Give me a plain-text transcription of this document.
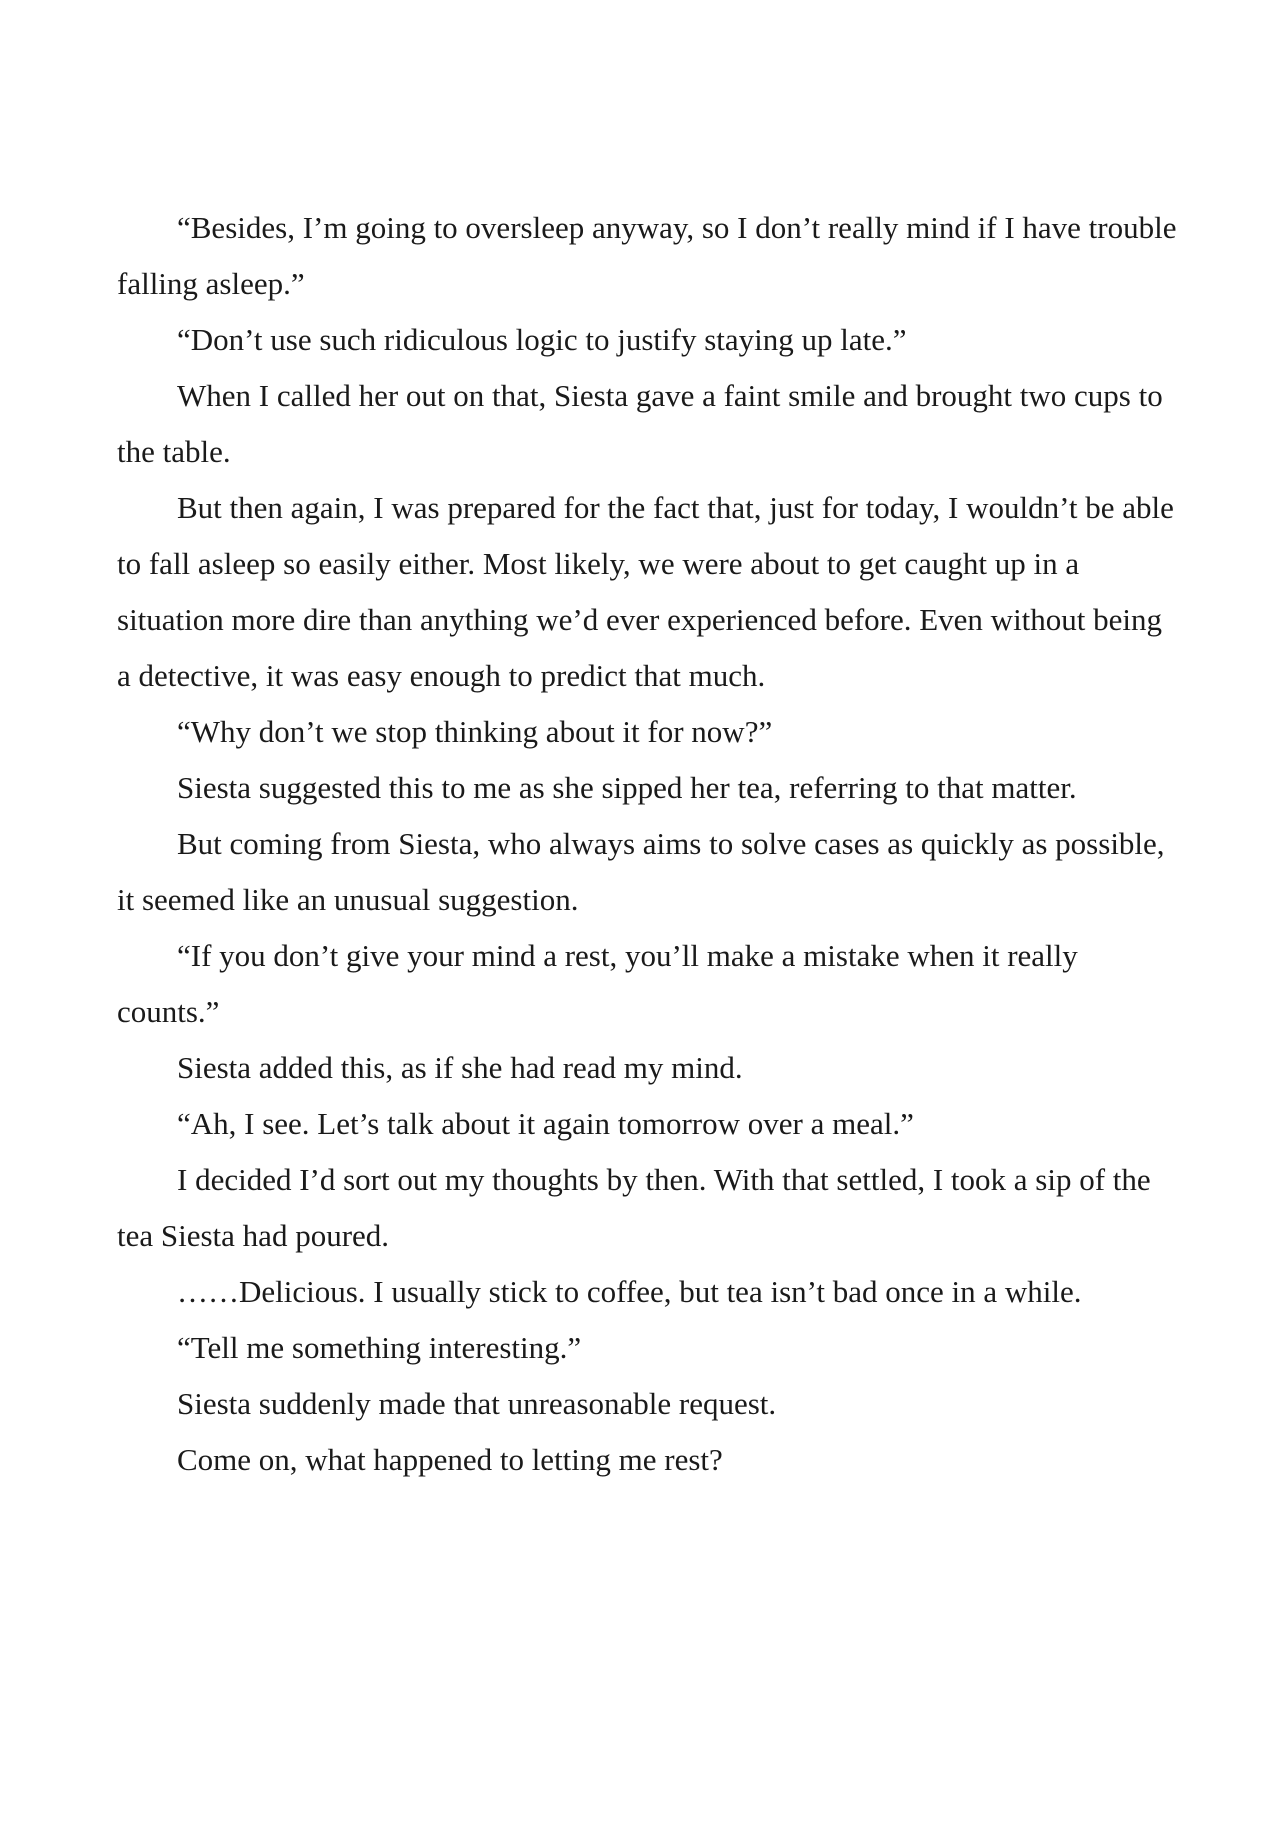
“Besides, I’m going to oversleep anyway, so I don’t really mind if I have trouble falling asleep.”

“Don’t use such ridiculous logic to justify staying up late.”

When I called her out on that, Siesta gave a faint smile and brought two cups to the table.

But then again, I was prepared for the fact that, just for today, I wouldn’t be able to fall asleep so easily either. Most likely, we were about to get caught up in a situation more dire than anything we’d ever experienced before. Even without being a detective, it was easy enough to predict that much.

“Why don’t we stop thinking about it for now?”

Siesta suggested this to me as she sipped her tea, referring to that matter.

But coming from Siesta, who always aims to solve cases as quickly as possible, it seemed like an unusual suggestion.

“If you don’t give your mind a rest, you’ll make a mistake when it really counts.”

Siesta added this, as if she had read my mind.

“Ah, I see. Let’s talk about it again tomorrow over a meal.”

I decided I’d sort out my thoughts by then. With that settled, I took a sip of the tea Siesta had poured.

……Delicious. I usually stick to coffee, but tea isn’t bad once in a while.

“Tell me something interesting.”

Siesta suddenly made that unreasonable request.

Come on, what happened to letting me rest?
